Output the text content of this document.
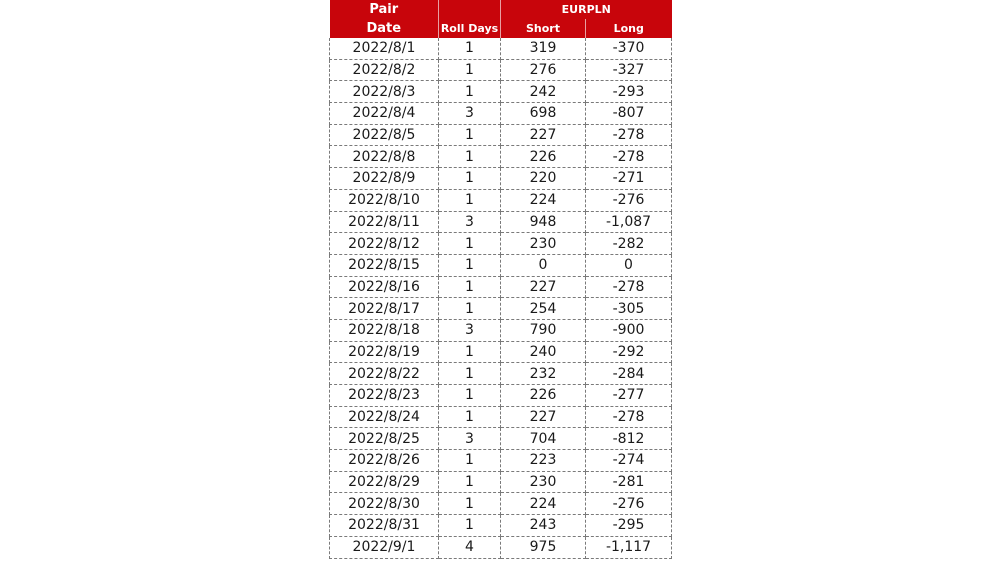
Pair		EURPLN	
Date	Roll Days	Short	Long
2022/8/1	1	319	-370
2022/8/2	1	276	-327
2022/8/3	1	242	-293
2022/8/4	3	698	-807
2022/8/5	1	227	-278
2022/8/8	1	226	-278
2022/8/9	1	220	-271
2022/8/10	1	224	-276
2022/8/11	3	948	-1,087
2022/8/12	1	230	-282
2022/8/15	1	0	0
2022/8/16	1	227	-278
2022/8/17	1	254	-305
2022/8/18	3	790	-900
2022/8/19	1	240	-292
2022/8/22	1	232	-284
2022/8/23	1	226	-277
2022/8/24	1	227	-278
2022/8/25	3	704	-812
2022/8/26	1	223	-274
2022/8/29	1	230	-281
2022/8/30	1	224	-276
2022/8/31	1	243	-295
2022/9/1	4	975	-1,117
